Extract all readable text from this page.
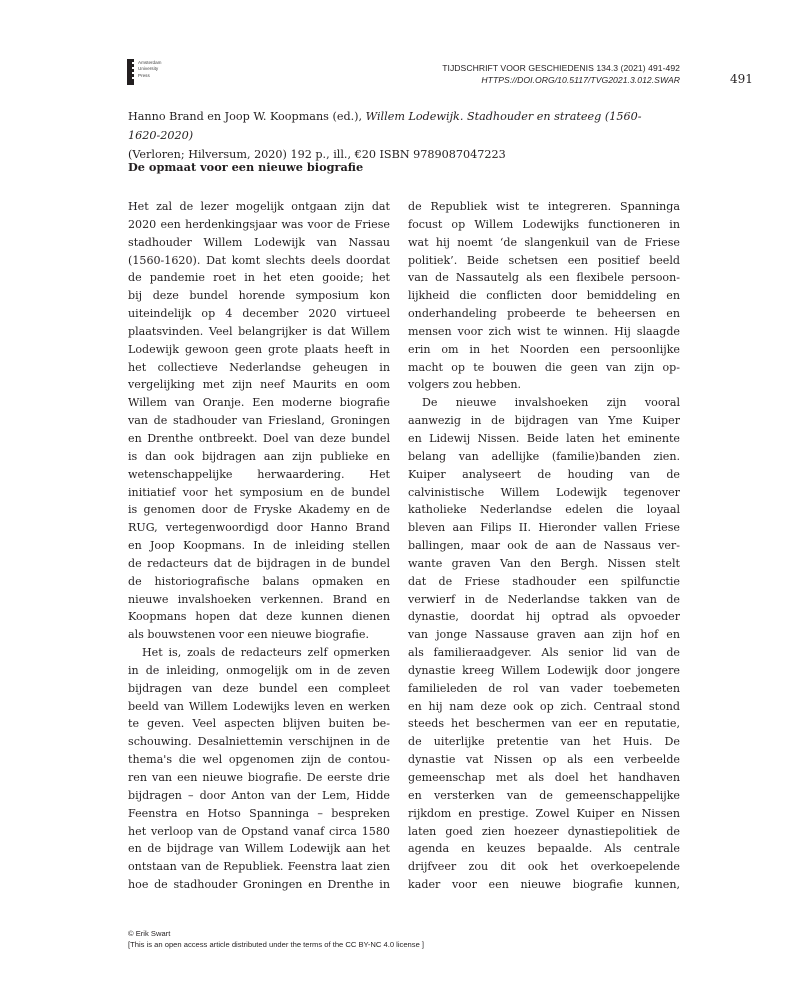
Amsterdam
University
Press
TIJDSCHRIFT VOOR GESCHIEDENIS 134.3 (2021) 491-492
HTTPS://DOI.ORG/10.5117/TVG2021.3.012.SWAR	491
Hanno Brand en Joop W. Koopmans (ed.), Willem Lodewijk. Stadhouder en strateeg (1560-1620-2020)
(Verloren; Hilversum, 2020) 192 p., ill., €20 ISBN 9789087047223
De opmaat voor een nieuwe biografie
Het zal de lezer mogelijk ontgaan zijn dat
2020 een herdenkingsjaar was voor de Friese
stadhouder Willem Lodewijk van Nassau
(1560-1620). Dat komt slechts deels doordat
de pandemie roet in het eten gooide; het
bij deze bundel horende symposium kon
uiteindelijk op 4 december 2020 virtueel
plaatsvinden. Veel belangrijker is dat Willem
Lodewijk gewoon geen grote plaats heeft in
het collectieve Nederlandse geheugen in
vergelijking met zijn neef Maurits en oom
Willem van Oranje. Een moderne biografie
van de stadhouder van Friesland, Groningen
en Drenthe ontbreekt. Doel van deze bundel
is dan ook bijdragen aan zijn publieke en
wetenschappelijke herwaardering. Het
initiatief voor het symposium en de bundel
is genomen door de Fryske Akademy en de
RUG, vertegenwoordigd door Hanno Brand
en Joop Koopmans. In de inleiding stellen
de redacteurs dat de bijdragen in de bundel
de historiografische balans opmaken en
nieuwe invalshoeken verkennen. Brand en
Koopmans hopen dat deze kunnen dienen
als bouwstenen voor een nieuwe biografie.
Het is, zoals de redacteurs zelf opmerken
in de inleiding, onmogelijk om in de zeven
bijdragen van deze bundel een compleet
beeld van Willem Lodewijks leven en werken
te geven. Veel aspecten blijven buiten be-
schouwing. Desalniettemin verschijnen in de
thema's die wel opgenomen zijn de contou-
ren van een nieuwe biografie. De eerste drie
bijdragen – door Anton van der Lem, Hidde
Feenstra en Hotso Spanninga – bespreken
het verloop van de Opstand vanaf circa 1580
en de bijdrage van Willem Lodewijk aan het
ontstaan van de Republiek. Feenstra laat zien
hoe de stadhouder Groningen en Drenthe in
de Republiek wist te integreren. Spanninga
focust op Willem Lodewijks functioneren in
wat hij noemt ‘de slangenkuil van de Friese
politiek’. Beide schetsen een positief beeld
van de Nassautelg als een flexibele persoon-
lijkheid die conflicten door bemiddeling en
onderhandeling probeerde te beheersen en
mensen voor zich wist te winnen. Hij slaagde
erin om in het Noorden een persoonlijke
macht op te bouwen die geen van zijn op-
volgers zou hebben.
De nieuwe invalshoeken zijn vooral
aanwezig in de bijdragen van Yme Kuiper
en Lidewij Nissen. Beide laten het eminente
belang van adellijke (familie)banden zien.
Kuiper analyseert de houding van de
calvinistische Willem Lodewijk tegenover
katholieke Nederlandse edelen die loyaal
bleven aan Filips II. Hieronder vallen Friese
ballingen, maar ook de aan de Nassaus ver-
wante graven Van den Bergh. Nissen stelt
dat de Friese stadhouder een spilfunctie
verwierf in de Nederlandse takken van de
dynastie, doordat hij optrad als opvoeder
van jonge Nassause graven aan zijn hof en
als familieraadgever. Als senior lid van de
dynastie kreeg Willem Lodewijk door jongere
familieleden de rol van vader toebemeten
en hij nam deze ook op zich. Centraal stond
steeds het beschermen van eer en reputatie,
de uiterlijke pretentie van het Huis. De
dynastie vat Nissen op als een verbeelde
gemeenschap met als doel het handhaven
en versterken van de gemeenschappelijke
rijkdom en prestige. Zowel Kuiper en Nissen
laten goed zien hoezeer dynastiepolitiek de
agenda en keuzes bepaalde. Als centrale
drijfveer zou dit ook het overkoepelende
kader voor een nieuwe biografie kunnen,
© Erik Swart
[This is an open access article distributed under the terms of the CC BY-NC 4.0 license ]
